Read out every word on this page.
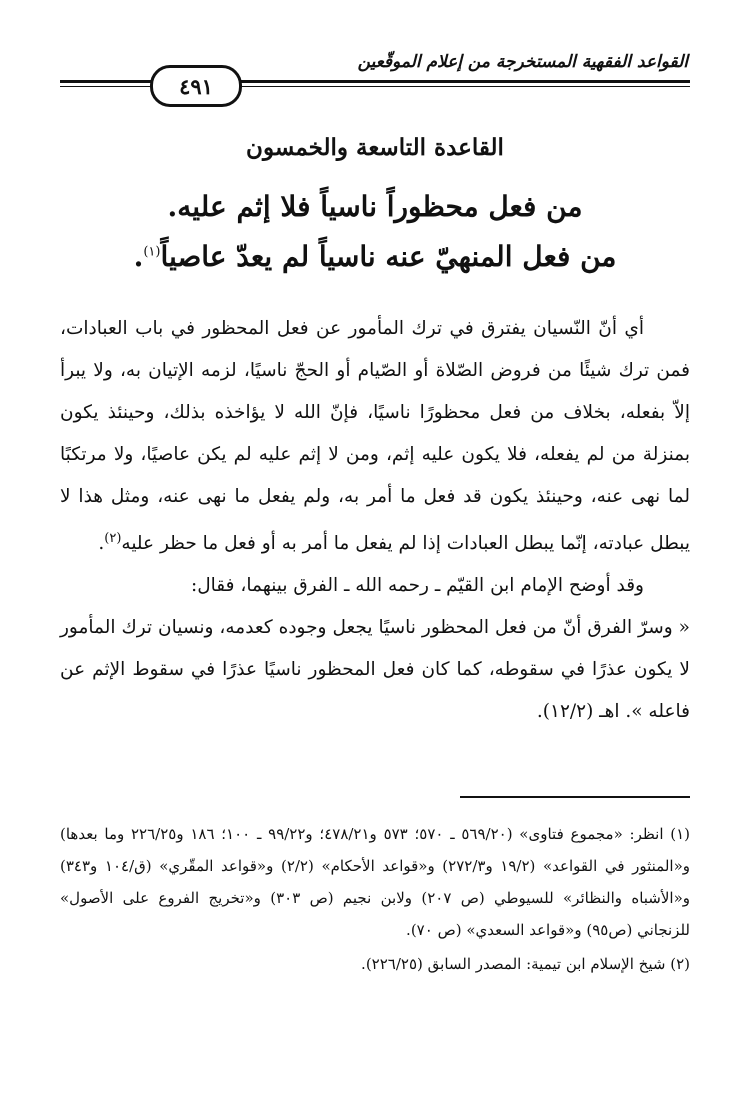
القواعد الفقهية المستخرجة من إعلام الموقّعين
٤٩١
القاعدة التاسعة والخمسون
من فعل محظوراً ناسياً فلا إثم عليه.
من فعل المنهيّ عنه ناسياً لم يعدّ عاصياً$^{(١)}$.

أي أنّ النّسيان يفترق في ترك المأمور عن فعل المحظور في باب العبادات، فمن ترك شيئًا من فروض الصّلاة أو الصّيام أو الحجّ ناسيًا، لزمه الإتيان به، ولا يبرأ إلاّ بفعله، بخلاف من فعل محظورًا ناسيًا، فإنّ الله لا يؤاخذه بذلك، وحينئذ يكون بمنزلة من لم يفعله، فلا يكون عليه إثم، ومن لا إثم عليه لم يكن عاصيًا، ولا مرتكبًا لما نهى عنه، وحينئذ يكون قد فعل ما أمر به، ولم يفعل ما نهى عنه، ومثل هذا لا يبطل عبادته، إنّما يبطل العبادات إذا لم يفعل ما أمر به أو فعل ما حظر عليه$^{(٢)}$.

وقد أوضح الإمام ابن القيّم ـ رحمه الله ـ الفرق بينهما، فقال:

« وسرّ الفرق أنّ من فعل المحظور ناسيًا يجعل وجوده كعدمه، ونسيان ترك المأمور لا يكون عذرًا في سقوطه، كما كان فعل المحظور ناسيًا عذرًا في سقوط الإثم عن فاعله ». اهـ (١٢/٢).

(١) انظر: «مجموع فتاوى» (٥٦٩/٢٠ ـ ٥٧٠؛ ٥٧٣ و٤٧٨/٢١؛ و٩٩/٢٢ ـ ١٠٠؛ ١٨٦ و٢٢٦/٢٥ وما بعدها) و«المنثور في القواعد» (١٩/٢ و٢٧٢/٣) و«قواعد الأحكام» (٢/٢) و«قواعد المقّري» (ق/١٠٤ و٣٤٣) و«الأشباه والنظائر» للسيوطي (ص ٢٠٧) ولابن نجيم (ص ٣٠٣) و«تخريج الفروع على الأصول» للزنجاني (ص٩٥) و«قواعد السعدي» (ص ٧٠).

(٢) شيخ الإسلام ابن تيمية: المصدر السابق (٢٢٦/٢٥).
